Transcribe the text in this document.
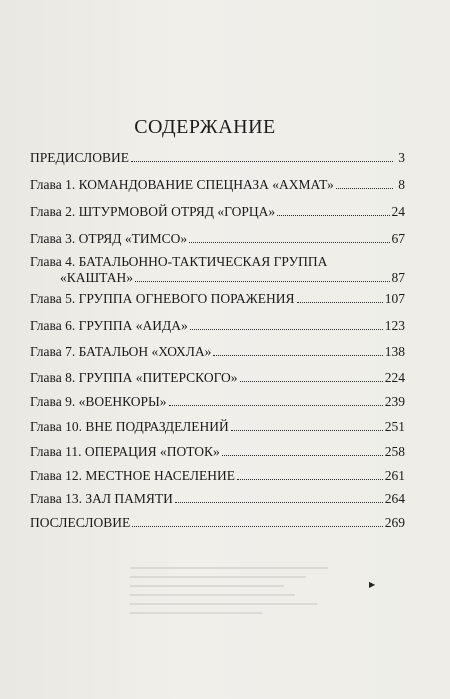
СОДЕРЖАНИЕ
ПРЕДИСЛОВИЕ	3
Глава 1. КОМАНДОВАНИЕ СПЕЦНАЗА «АХМАТ»	8
Глава 2. ШТУРМОВОЙ ОТРЯД «ГОРЦА»	24
Глава 3. ОТРЯД «ТИМСО»	67
Глава 4. БАТАЛЬОННО-ТАКТИЧЕСКАЯ ГРУППА
«КАШТАН»	87
Глава 5. ГРУППА ОГНЕВОГО ПОРАЖЕНИЯ	107
Глава 6. ГРУППА «АИДА»	123
Глава 7. БАТАЛЬОН «ХОХЛА»	138
Глава 8. ГРУППА «ПИТЕРСКОГО»	224
Глава 9. «ВОЕНКОРЫ»	239
Глава 10. ВНЕ ПОДРАЗДЕЛЕНИЙ	251
Глава 11. ОПЕРАЦИЯ «ПОТОК»	258
Глава 12. МЕСТНОЕ НАСЕЛЕНИЕ	261
Глава 13. ЗАЛ ПАМЯТИ	264
ПОСЛЕСЛОВИЕ	269
▶
